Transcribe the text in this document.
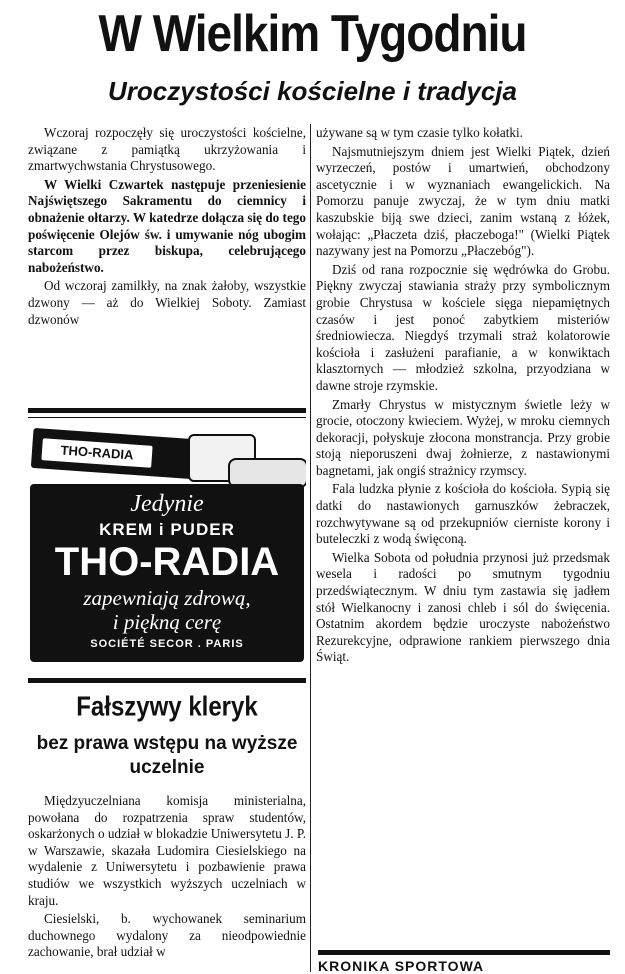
W Wielkim Tygodniu
Uroczystości kościelne i tradycja

Wczoraj rozpoczęły się uroczystości kościelne, związane z pamiątką ukrzyżowania i zmartwychwstania Chrystusowego.

W Wielki Czwartek następuje przeniesienie Najświętszego Sakramentu do ciemnicy i obnażenie ołtarzy. W katedrze dołącza się do tego poświęcenie Olejów św. i umywanie nóg ubogim starcom przez biskupa, celebrującego nabożeństwo.

Od wczoraj zamilkły, na znak żałoby, wszystkie dzwony — aż do Wielkiej Soboty. Zamiast dzwonów

THO-RADIA
Jedynie
KREM i PUDER
THO-RADIA
zapewniają zdrową,
i piękną cerę
SOCIÉTÉ SECOR . PARIS
Fałszywy kleryk
bez prawa wstępu na wyższe uczelnie

Międzyuczelniana komisja ministerialna, powołana do rozpatrzenia spraw studentów, oskarżonych o udział w blokadzie Uniwersytetu J. P. w Warszawie, skazała Ludomira Ciesielskiego na wydalenie z Uniwersytetu i pozbawienie prawa studiów we wszystkich wyższych uczelniach w kraju.

Ciesielski, b. wychowanek seminarium duchownego wydalony za nieodpowiednie zachowanie, brał udział w

używane są w tym czasie tylko kołatki.

Najsmutniejszym dniem jest Wielki Piątek, dzień wyrzeczeń, postów i umartwień, obchodzony ascetycznie i w wyznaniach ewangelickich. Na Pomorzu panuje zwyczaj, że w tym dniu matki kaszubskie biją swe dzieci, zanim wstaną z łóżek, wołając: „Płaczeta dziś, płaczeboga!" (Wielki Piątek nazywany jest na Pomorzu „Płaczebóg").

Dziś od rana rozpocznie się wędrówka do Grobu. Piękny zwyczaj stawiania straży przy symbolicznym grobie Chrystusa w kościele sięga niepamiętnych czasów i jest ponoć zabytkiem misteriów średniowiecza. Niegdyś trzymali straż kolatorowie kościoła i zasłużeni parafianie, a w konwiktach klasztornych — młodzież szkolna, przyodziana w dawne stroje rzymskie.

Zmarły Chrystus w mistycznym świetle leży w grocie, otoczony kwieciem. Wyżej, w mroku ciemnych dekoracji, połyskuje złocona monstrancja. Przy grobie stoją nieporuszeni dwaj żołnierze, z nastawionymi bagnetami, jak ongiś strażnicy rzymscy.

Fala ludzka płynie z kościoła do kościoła. Sypią się datki do nastawionych garnuszków żebraczek, rozchwytywane są od przekupniów cierniste korony i buteleczki z wodą święconą.

Wielka Sobota od południa przynosi już przedsmak wesela i radości po smutnym tygodniu przedświątecznym. W dniu tym zastawia się jadłem stół Wielkanocny i zanosi chleb i sól do święcenia. Ostatnim akordem będzie uroczyste nabożeństwo Rezurekcyjne, odprawione rankiem pierwszego dnia Świąt.

KRONIKA SPORTOWA
